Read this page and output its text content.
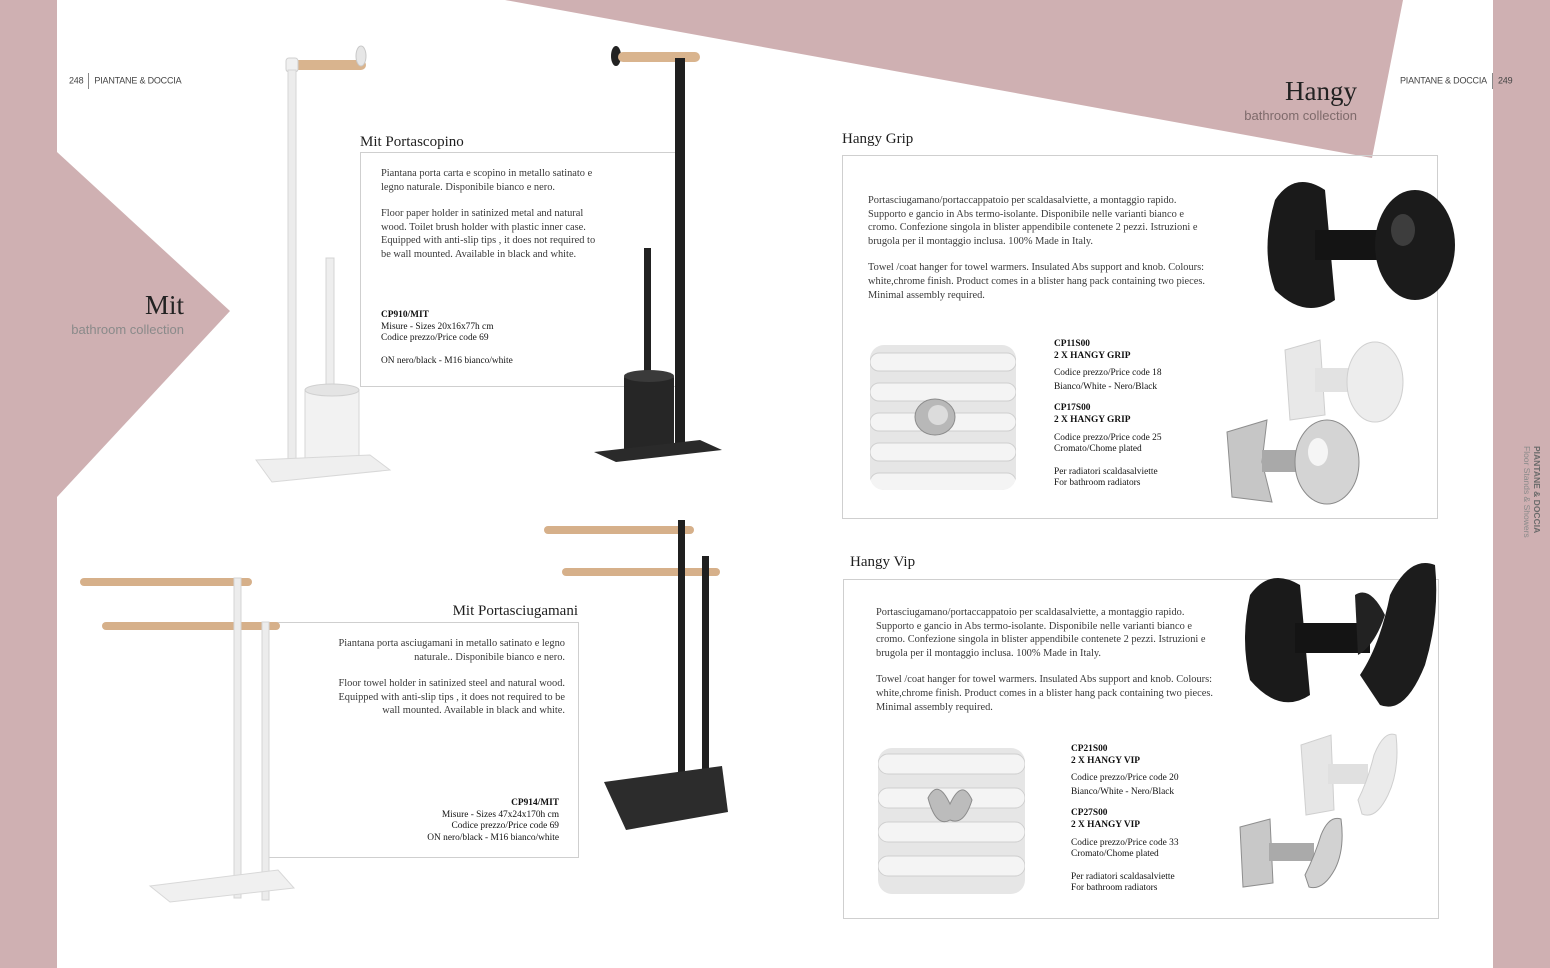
248 PIANTANE & DOCCIA	PIANTANE & DOCCIA 249
Mit
bathroom collection
Hangy
bathroom collection
PIANTANE & DOCCIA
Floor Stands & Showers
Mit Portascopino

Piantana porta carta e scopino in metallo satinato e legno naturale. Disponibile bianco e nero.

Floor paper holder in satinized metal and natural wood. Toilet brush holder with plastic inner case. Equipped with anti-slip tips , it does not required to be wall mounted. Available in black and white.

CP910/MIT
Misure - Sizes 20x16x77h cm
Codice prezzo/Price code 69
ON nero/black - M16 bianco/white
Mit Portasciugamani

Piantana porta asciugamani in metallo satinato e legno naturale.. Disponibile bianco e nero.

Floor towel holder in satinized steel and natural wood. Equipped with anti-slip tips , it does not required to be wall mounted. Available in black and white.

CP914/MIT
Misure - Sizes 47x24x170h cm
Codice prezzo/Price code 69
ON nero/black - M16 bianco/white
Hangy Grip

Portasciugamano/portaccappatoio per scaldasalviette, a montaggio rapido. Supporto e gancio in Abs termo-isolante. Disponibile nelle varianti bianco e cromo. Confezione singola in blister appendibile contenete 2 pezzi. Istruzioni e brugola per il montaggio inclusa. 100% Made in Italy.

Towel /coat hanger for towel warmers. Insulated Abs support and knob. Colours: white,chrome finish. Product comes in a blister hang pack containing two pieces. Minimal assembly required.

CP11S00
2 X HANGY GRIP
Codice prezzo/Price code 18
Bianco/White - Nero/Black
CP17S00
2 X HANGY GRIP
Codice prezzo/Price code 25
Cromato/Chome plated
Per radiatori scaldasalviette
For bathroom radiators
Hangy Vip

Portasciugamano/portaccappatoio per scaldasalviette, a montaggio rapido. Supporto e gancio in Abs termo-isolante. Disponibile nelle varianti bianco e cromo. Confezione singola in blister appendibile contenete 2 pezzi. Istruzioni e brugola per il montaggio inclusa. 100% Made in Italy.

Towel /coat hanger for towel warmers. Insulated Abs support and knob. Colours: white,chrome finish. Product comes in a blister hang pack containing two pieces. Minimal assembly required.

CP21S00
2 X HANGY VIP
Codice prezzo/Price code 20
Bianco/White - Nero/Black
CP27S00
2 X HANGY VIP
Codice prezzo/Price code 33
Cromato/Chome plated
Per radiatori scaldasalviette
For bathroom radiators
